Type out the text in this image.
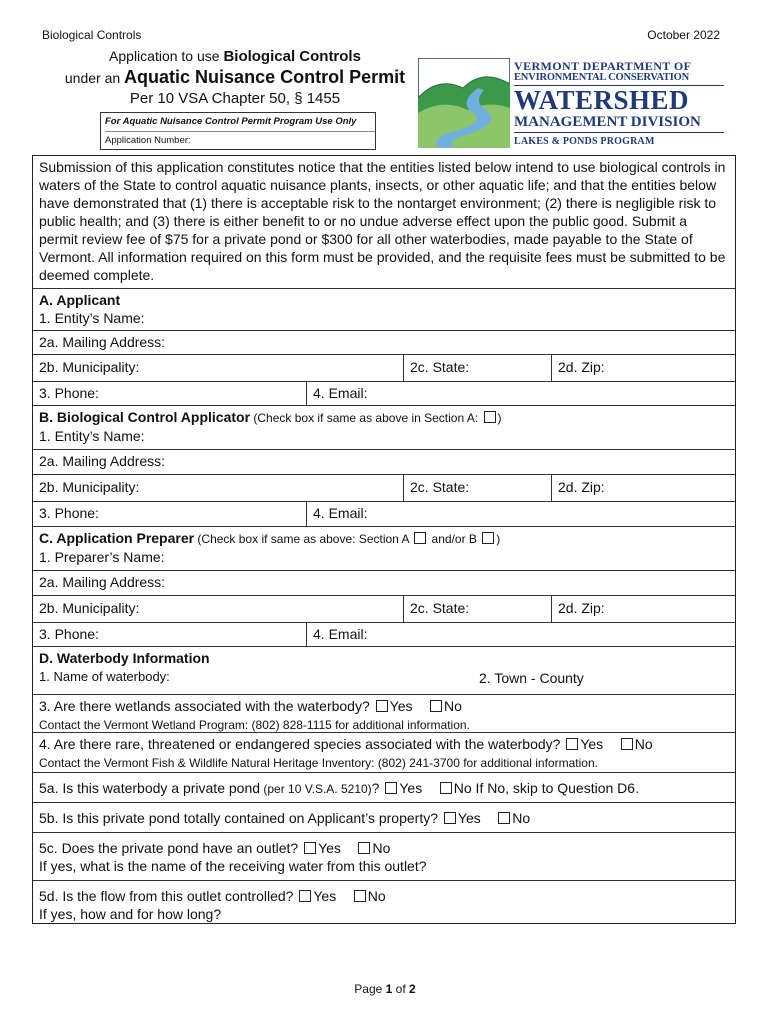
Biological Controls	October 2022
Application to use Biological Controls
under an Aquatic Nuisance Control Permit
Per 10 VSA Chapter 50, § 1455
For Aquatic Nuisance Control Permit Program Use Only
Application Number:
VERMONT DEPARTMENT OF
ENVIRONMENTAL CONSERVATION
WATERSHED
MANAGEMENT DIVISION
LAKES & PONDS PROGRAM
Submission of this application constitutes notice that the entities listed below intend to use biological controls in waters of the State to control aquatic nuisance plants, insects, or other aquatic life; and that the entities below have demonstrated that (1) there is acceptable risk to the nontarget environment; (2) there is negligible risk to public health; and (3) there is either benefit to or no undue adverse effect upon the public good. Submit a permit review fee of $75 for a private pond or $300 for all other waterbodies, made payable to the State of Vermont. All information required on this form must be provided, and the requisite fees must be submitted to be deemed complete.
A. Applicant
1. Entity’s Name:
2a. Mailing Address:
2b. Municipality:	2c. State:	2d. Zip:
3. Phone:	4. Email:
B. Biological Control Applicator (Check box if same as above in Section A: )
1. Entity’s Name:
2a. Mailing Address:
2b. Municipality:	2c. State:	2d. Zip:
3. Phone:	4. Email:
C. Application Preparer (Check box if same as above: Section A  and/or B )
1. Preparer’s Name:
2a. Mailing Address:
2b. Municipality:	2c. State:	2d. Zip:
3. Phone:	4. Email:
D. Waterbody Information
1. Name of waterbody:	2. Town - County
3. Are there wetlands associated with the waterbody? Yes No
Contact the Vermont Wetland Program: (802) 828-1115 for additional information.
4. Are there rare, threatened or endangered species associated with the waterbody? Yes No
Contact the Vermont Fish & Wildlife Natural Heritage Inventory: (802) 241-3700 for additional information.
5a. Is this waterbody a private pond (per 10 V.S.A. 5210)? Yes No If No, skip to Question D6.
5b. Is this private pond totally contained on Applicant’s property? Yes No
5c. Does the private pond have an outlet? Yes No
If yes, what is the name of the receiving water from this outlet?
5d. Is the flow from this outlet controlled? Yes No
If yes, how and for how long?
Page 1 of 2
